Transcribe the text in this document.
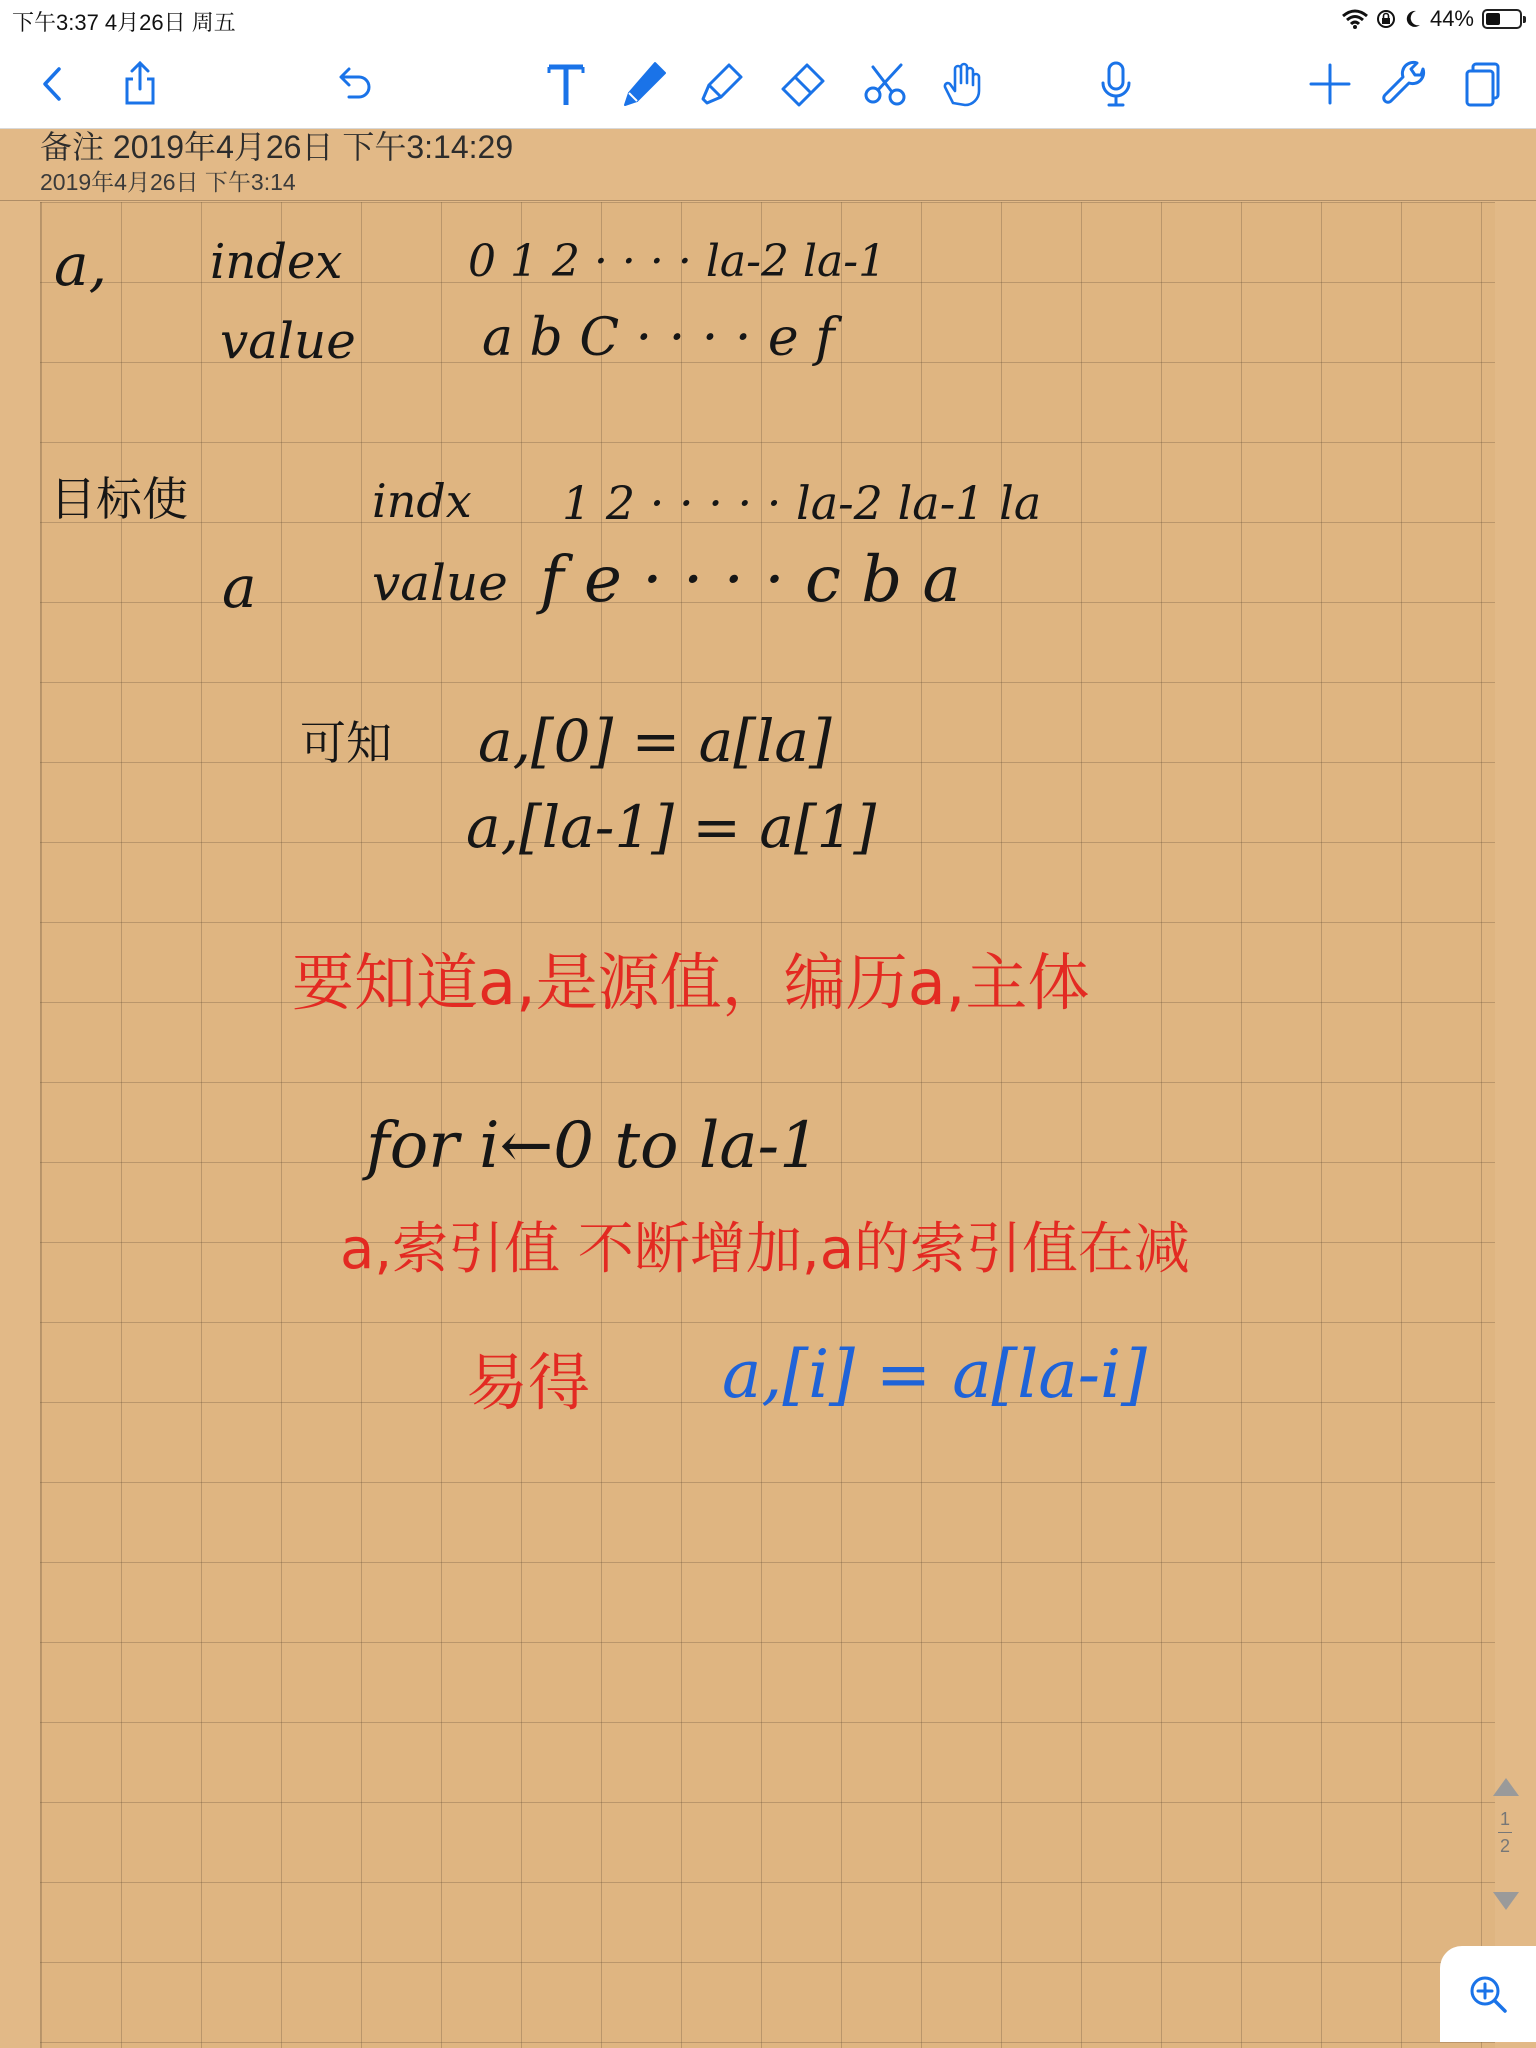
下午3:37 4月26日 周五	44%
备注 2019年4月26日 下午3:14:29
2019年4月26日 下午3:14
a, index	0 1 2 · · · · la-2 la-1
value a b C · · · · e f
目标使	indx 1 2 · · · · · la-2 la-1 la
a value f e · · · · c b a
可知 a,[0] = a[la]
a,[la-1] = a[1]
要知道a,是源值，编历a,主体
for i←0 to la-1
a,索引值 不断增加,a的索引值在减
易得 a,[i] = a[la-i]
1
2
